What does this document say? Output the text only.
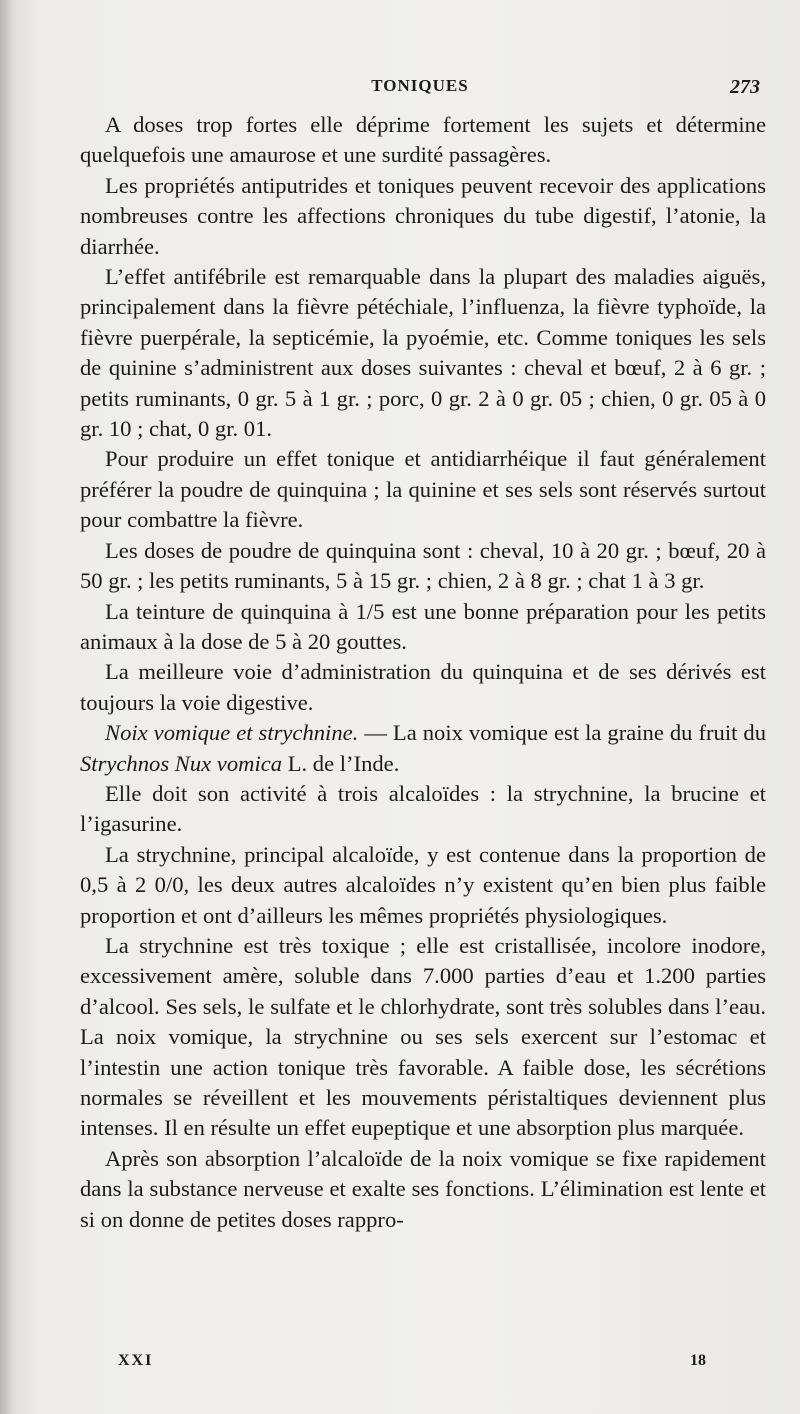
TONIQUES	273

A doses trop fortes elle déprime fortement les sujets et détermine quelquefois une amaurose et une surdité passagères.

Les propriétés antiputrides et toniques peuvent recevoir des applications nombreuses contre les affections chroniques du tube digestif, l’atonie, la diarrhée.

L’effet antifébrile est remarquable dans la plupart des maladies aiguës, principalement dans la fièvre pétéchiale, l’influenza, la fièvre typhoïde, la fièvre puerpérale, la septicémie, la pyoémie, etc. Comme toniques les sels de quinine s’administrent aux doses suivantes : cheval et bœuf, 2 à 6 gr. ; petits ruminants, 0 gr. 5 à 1 gr. ; porc, 0 gr. 2 à 0 gr. 05 ; chien, 0 gr. 05 à 0 gr. 10 ; chat, 0 gr. 01.

Pour produire un effet tonique et antidiarrhéique il faut généralement préférer la poudre de quinquina ; la quinine et ses sels sont réservés surtout pour combattre la fièvre.

Les doses de poudre de quinquina sont : cheval, 10 à 20 gr. ; bœuf, 20 à 50 gr. ; les petits ruminants, 5 à 15 gr. ; chien, 2 à 8 gr. ; chat 1 à 3 gr.

La teinture de quinquina à 1/5 est une bonne préparation pour les petits animaux à la dose de 5 à 20 gouttes.

La meilleure voie d’administration du quinquina et de ses dérivés est toujours la voie digestive.

Noix vomique et strychnine. — La noix vomique est la graine du fruit du Strychnos Nux vomica L. de l’Inde.

Elle doit son activité à trois alcaloïdes : la strychnine, la brucine et l’igasurine.

La strychnine, principal alcaloïde, y est contenue dans la proportion de 0,5 à 2 0/0, les deux autres alcaloïdes n’y existent qu’en bien plus faible proportion et ont d’ailleurs les mêmes propriétés physiologiques.

La strychnine est très toxique ; elle est cristallisée, incolore inodore, excessivement amère, soluble dans 7.000 parties d’eau et 1.200 parties d’alcool. Ses sels, le sulfate et le chlorhydrate, sont très solubles dans l’eau. La noix vomique, la strychnine ou ses sels exercent sur l’estomac et l’intestin une action tonique très favorable. A faible dose, les sécrétions normales se réveillent et les mouvements péristaltiques deviennent plus intenses. Il en résulte un effet eupeptique et une absorption plus marquée.

Après son absorption l’alcaloïde de la noix vomique se fixe rapidement dans la substance nerveuse et exalte ses fonctions. L’élimination est lente et si on donne de petites doses rappro-

XXI	18
